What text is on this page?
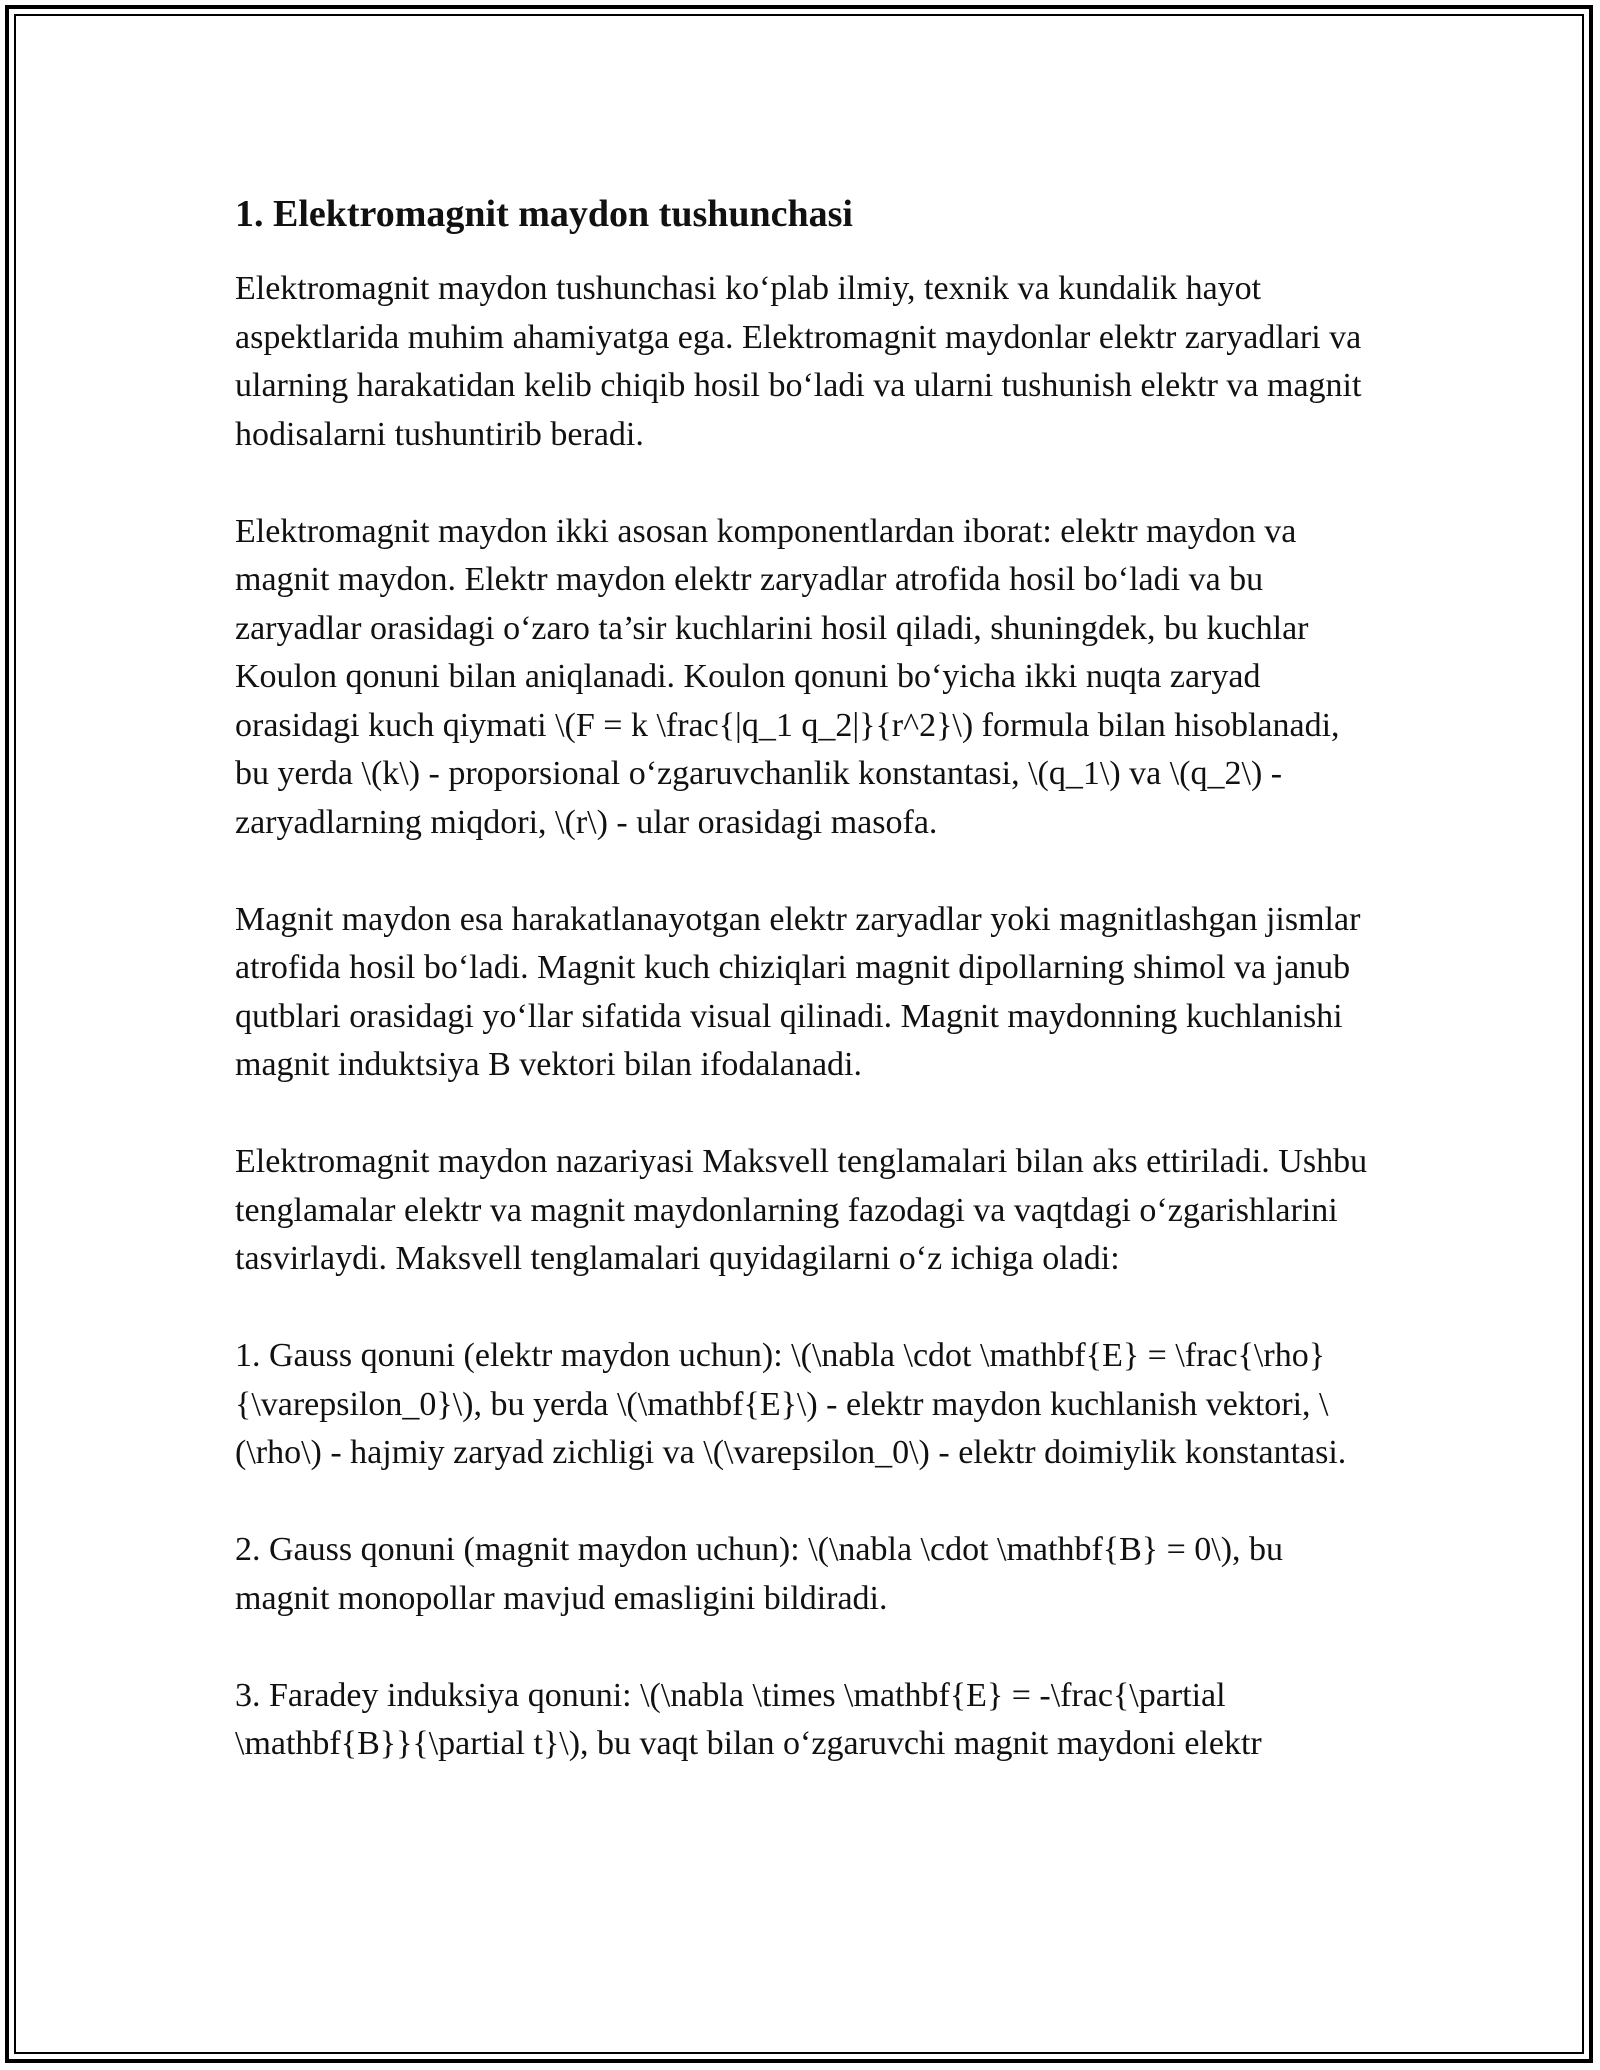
1. Elektromagnit maydon tushunchasi

Elektromagnit maydon tushunchasi ko‘plab ilmiy, texnik va kundalik hayot aspektlarida muhim ahamiyatga ega. Elektromagnit maydonlar elektr zaryadlari va ularning harakatidan kelib chiqib hosil bo‘ladi va ularni tushunish elektr va magnit hodisalarni tushuntirib beradi.

Elektromagnit maydon ikki asosan komponentlardan iborat: elektr maydon va magnit maydon. Elektr maydon elektr zaryadlar atrofida hosil bo‘ladi va bu zaryadlar orasidagi o‘zaro ta’sir kuchlarini hosil qiladi, shuningdek, bu kuchlar Koulon qonuni bilan aniqlanadi. Koulon qonuni bo‘yicha ikki nuqta zaryad orasidagi kuch qiymati \(F = k \frac{|q_1 q_2|}{r^2}\) formula bilan hisoblanadi, bu yerda \(k\) - proporsional o‘zgaruvchanlik konstantasi, \(q_1\) va \(q_2\) - zaryadlarning miqdori, \(r\) - ular orasidagi masofa.

Magnit maydon esa harakatlanayotgan elektr zaryadlar yoki magnitlashgan jismlar atrofida hosil bo‘ladi. Magnit kuch chiziqlari magnit dipollarning shimol va janub qutblari orasidagi yo‘llar sifatida visual qilinadi. Magnit maydonning kuchlanishi magnit induktsiya B vektori bilan ifodalanadi.

Elektromagnit maydon nazariyasi Maksvell tenglamalari bilan aks ettiriladi. Ushbu tenglamalar elektr va magnit maydonlarning fazodagi va vaqtdagi o‘zgarishlarini tasvirlaydi. Maksvell tenglamalari quyidagilarni o‘z ichiga oladi:

1. Gauss qonuni (elektr maydon uchun): \(\nabla \cdot \mathbf{E} = \frac{\rho}{\varepsilon_0}\), bu yerda \(\mathbf{E}\) - elektr maydon kuchlanish vektori, \(\rho\) - hajmiy zaryad zichligi va \(\varepsilon_0\) - elektr doimiylik konstantasi.

2. Gauss qonuni (magnit maydon uchun): \(\nabla \cdot \mathbf{B} = 0\), bu magnit monopollar mavjud emasligini bildiradi.

3. Faradey induksiya qonuni: \(\nabla \times \mathbf{E} = -\frac{\partial \mathbf{B}}{\partial t}\), bu vaqt bilan o‘zgaruvchi magnit maydoni elektr
